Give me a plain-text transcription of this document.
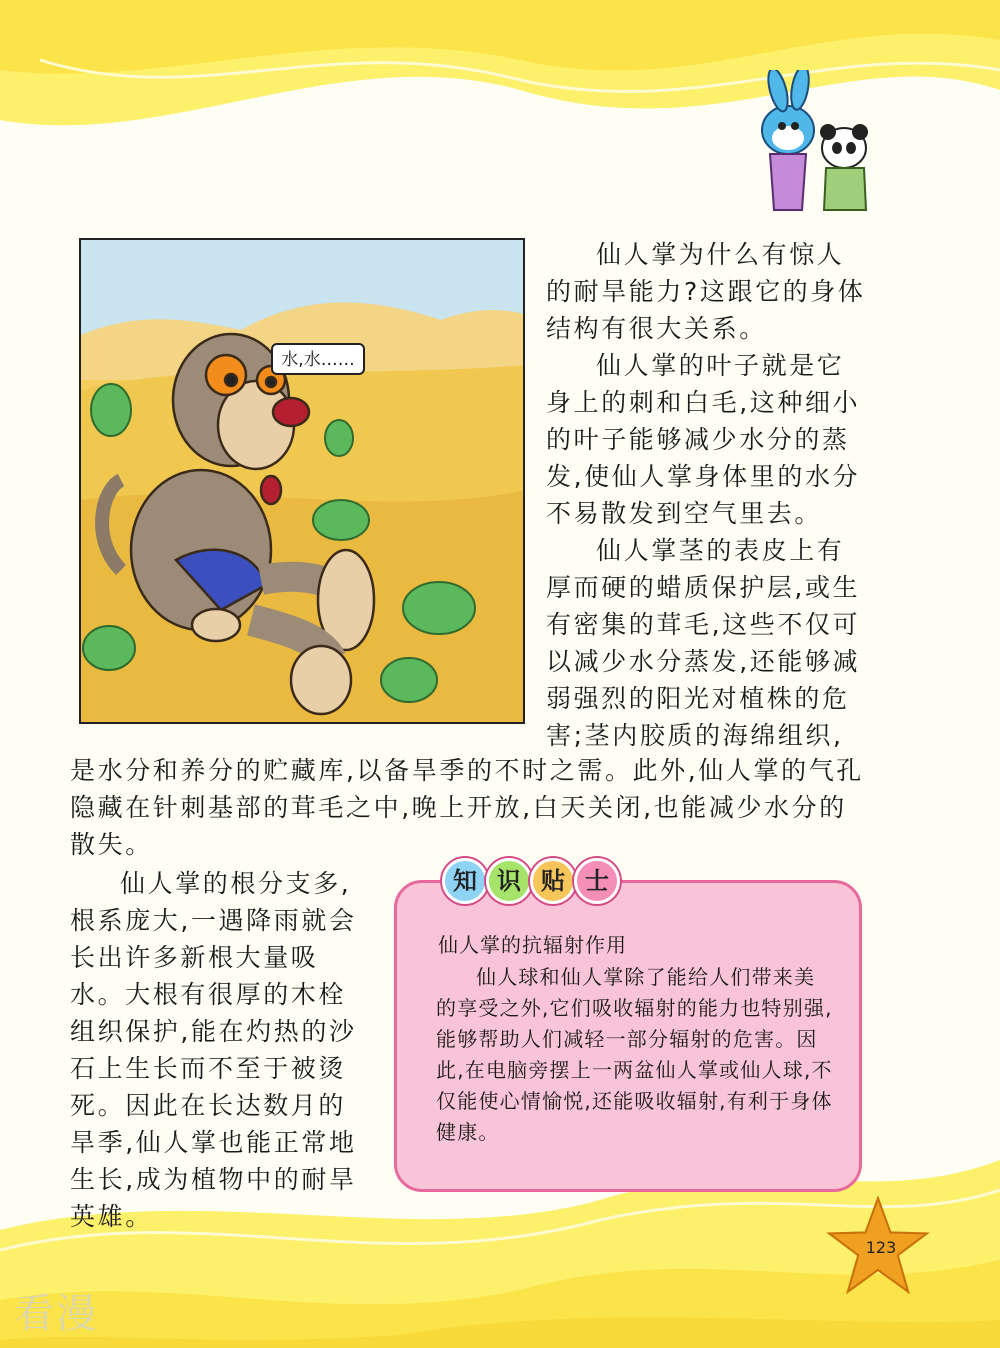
水,水……

仙人掌为什么有惊人的耐旱能力?这跟它的身体结构有很大关系。

仙人掌的叶子就是它身上的刺和白毛,这种细小的叶子能够减少水分的蒸发,使仙人掌身体里的水分不易散发到空气里去。

仙人掌茎的表皮上有厚而硬的蜡质保护层,或生有密集的茸毛,这些不仅可以减少水分蒸发,还能够减弱强烈的阳光对植株的危害;茎内胶质的海绵组织,

是水分和养分的贮藏库,以备旱季的不时之需。此外,仙人掌的气孔隐藏在针刺基部的茸毛之中,晚上开放,白天关闭,也能减少水分的散失。

仙人掌的根分支多,根系庞大,一遇降雨就会长出许多新根大量吸水。大根有很厚的木栓组织保护,能在灼热的沙石上生长而不至于被烫死。因此在长达数月的旱季,仙人掌也能正常地生长,成为植物中的耐旱英雄。

知 识 贴 士
仙人掌的抗辐射作用

仙人球和仙人掌除了能给人们带来美的享受之外,它们吸收辐射的能力也特别强,能够帮助人们减轻一部分辐射的危害。因此,在电脑旁摆上一两盆仙人掌或仙人球,不仅能使心情愉悦,还能吸收辐射,有利于身体健康。

123
看漫
